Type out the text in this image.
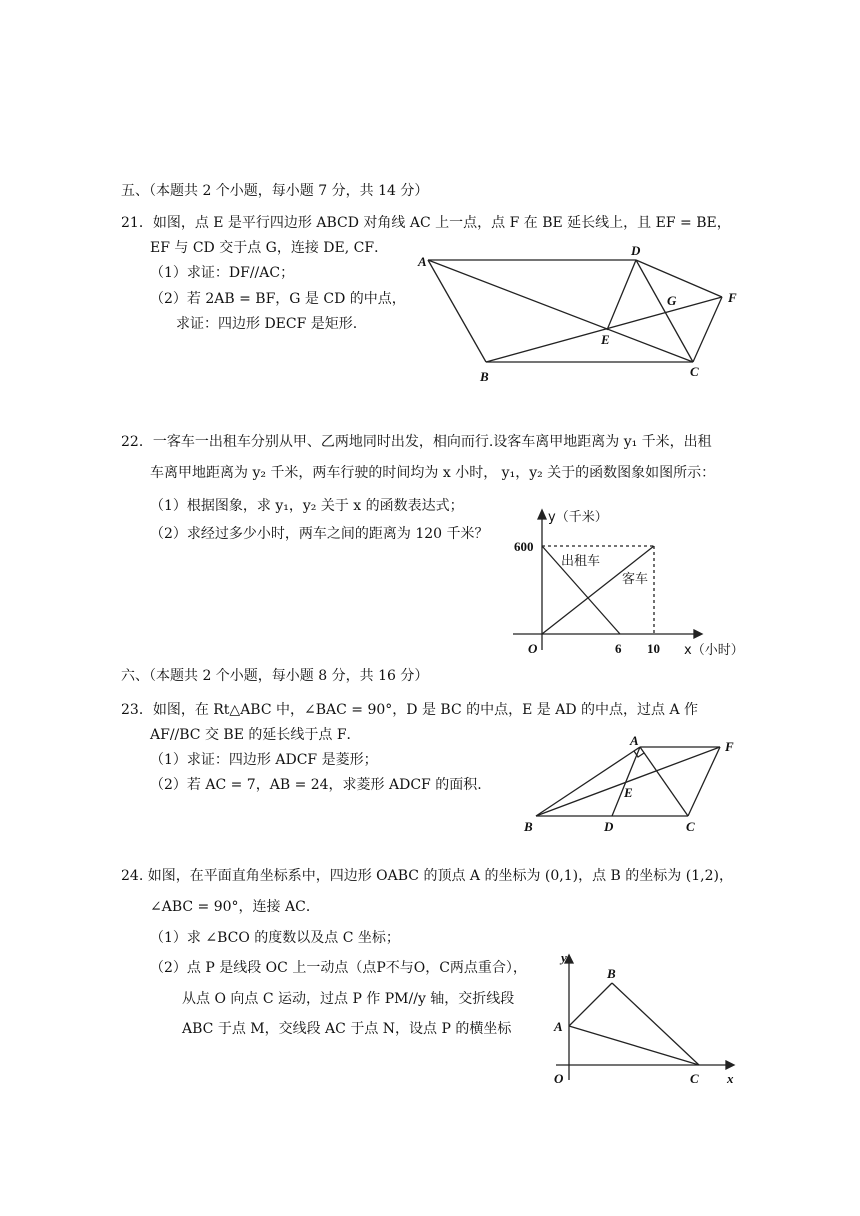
五、（本题共 2 个小题，每小题 7 分，共 14 分）
21．如图，点 E 是平行四边形 ABCD 对角线 AC 上一点，点 F 在 BE 延长线上，且 EF = BE，
EF 与 CD 交于点 G，连接 DE, CF．
（1）求证：DF//AC；
（2）若 2AB = BF，G 是 CD 的中点，
求证：四边形 DECF 是矩形.
A
B	C
D
E
F
G
22．一客车一出租车分别从甲、乙两地同时出发，相向而行.设客车离甲地距离为 y₁ 千米，出租
车离甲地距离为 y₂ 千米，两车行驶的时间均为 x 小时， y₁，y₂ 关于的函数图象如图所示：
（1）根据图象，求 y₁，y₂ 关于 x 的函数表达式；
（2）求经过多少小时，两车之间的距离为 120 千米？
y（千米）
x（小时）
O
600
6 10
出租车
客车
六、（本题共 2 个小题，每小题 8 分，共 16 分）
23．如图，在 Rt△ABC 中，∠BAC = 90°，D 是 BC 的中点，E 是 AD 的中点，过点 A 作
AF//BC 交 BE 的延长线于点 F．
（1）求证：四边形 ADCF 是菱形；
（2）若 AC = 7，AB = 24，求菱形 ADCF 的面积.
A
B	C
D
E
F
24. 如图，在平面直角坐标系中，四边形 OABC 的顶点 A 的坐标为 (0,1)，点 B 的坐标为 (1,2)，
∠ABC = 90°，连接 AC．
（1）求 ∠BCO 的度数以及点 C 坐标；
（2）点 P 是线段 OC 上一动点（点P不与O，C两点重合），
从点 O 向点 C 运动，过点 P 作 PM//y 轴，交折线段
ABC 于点 M，交线段 AC 于点 N，设点 P 的横坐标	A
B
C
O	x
y
